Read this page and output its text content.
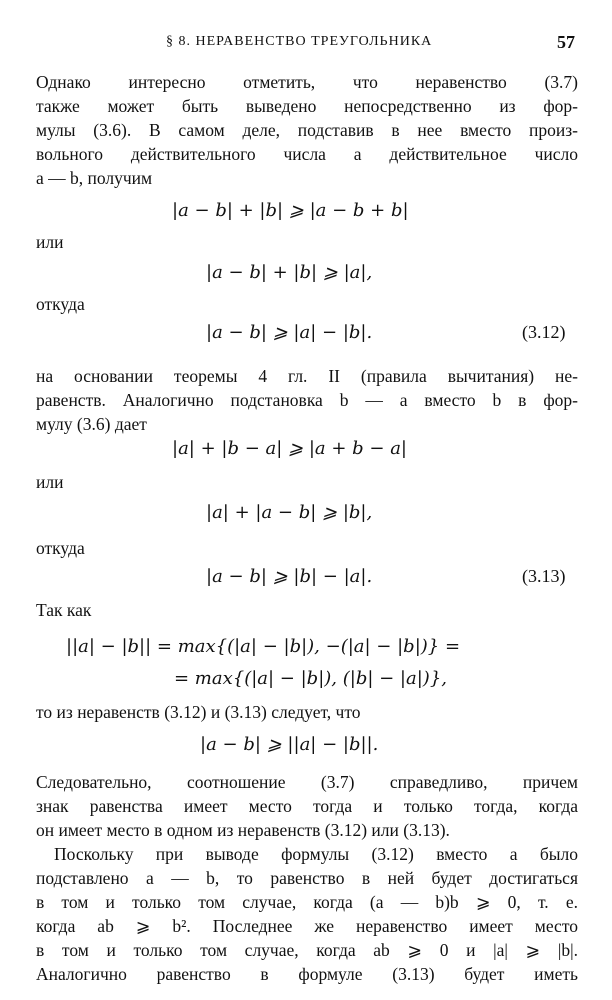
§ 8. НЕРАВЕНСТВО ТРЕУГОЛЬНИКА	57
Однако интересно отметить, что неравенство (3.7)
также может быть выведено непосредственно из фор-
мулы (3.6). В самом деле, подставив в нее вместо произ-
вольного действительного числа a действительное число
a — b, получим
|a − b| + |b| ⩾ |a − b + b|
или
|a − b| + |b| ⩾ |a|,
откуда
|a − b| ⩾ |a| − |b|.	(3.12)
на основании теоремы 4 гл. II (правила вычитания) не-
равенств. Аналогично подстановка b — a вместо b в фор-
мулу (3.6) дает
|a| + |b − a| ⩾ |a + b − a|
или
|a| + |a − b| ⩾ |b|,
откуда
|a − b| ⩾ |b| − |a|.	(3.13)
Так как
||a| − |b|| = max{(|a| − |b|), −(|a| − |b|)} =
= max{(|a| − |b|), (|b| − |a|)},
то из неравенств (3.12) и (3.13) следует, что
|a − b| ⩾ ||a| − |b||.
Следовательно, соотношение (3.7) справедливо, причем
знак равенства имеет место тогда и только тогда, когда
он имеет место в одном из неравенств (3.12) или (3.13).
Поскольку при выводе формулы (3.12) вместо a было
подставлено a — b, то равенство в ней будет достигаться
в том и только том случае, когда (a — b)b ⩾ 0, т. е.
когда ab ⩾ b². Последнее же неравенство имеет место
в том и только том случае, когда ab ⩾ 0 и |a| ⩾ |b|.
Аналогично равенство в формуле (3.13) будет иметь
